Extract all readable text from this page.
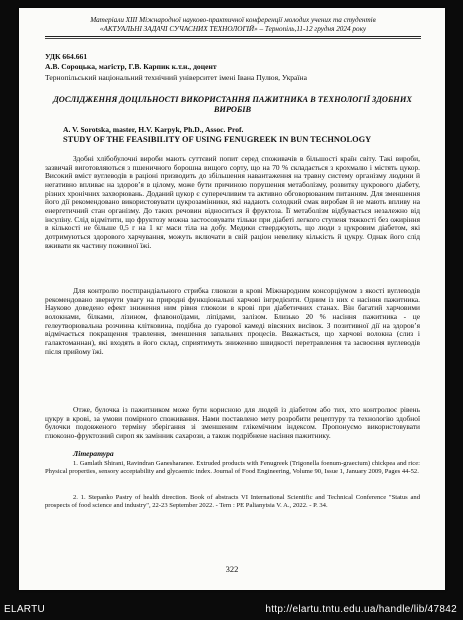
Матеріали XIII Міжнародної науково-практичної конференції молодих учених та студентів
«АКТУАЛЬНІ ЗАДАЧІ СУЧАСНИХ ТЕХНОЛОГІЙ» – Тернопіль,11-12 грудня 2024 року
УДК 664.661
А.В. Сороцька, магістр, Г.В. Карпик к.т.н., доцент
Тернопільський національний технічний університет імені Івана Пулюя, Україна
ДОСЛІДЖЕННЯ ДОЦІЛЬНОСТІ ВИКОРИСТАННЯ ПАЖИТНИКА В ТЕХНОЛОГІЇ ЗДОБНИХ ВИРОБІВ
A. V. Sorotska, master, H.V. Karpyk, Ph.D., Assoc. Prof.
STUDY OF THE FEASIBILITY OF USING FENUGREEK IN BUN TECHNOLOGY

Здобні хлібобулочні вироби мають суттєвий попит серед споживачів в більшості країн світу. Такі вироби, зазвичай виготовляються з пшеничного борошна вищого сорту, що на 70 % складається з крохмалю і містять цукор. Високий вміст вуглеводів в раціоні призводить до збільшення навантаження на травну систему організму людини й негативно впливає на здоров’я в цілому, може бути причиною порушення метаболізму, розвитку цукрового діабету, різних хронічних захворювань. Доданий цукор є суперечливим та активно обговорюваним питанням. Для зменшення його дії рекомендовано використовувати цукрозамінники, які надають солодкий смак виробам й не мають впливу на енергетичний стан організму. До таких речовин відноситься й фруктоза. Її метаболізм відбувається незалежно від інсуліну. Слід відмітити, що фруктозу можна застосовувати тільки при діабеті легкого ступеня тяжкості без ожиріння в кількості не більше 0,5 г на 1 кг маси тіла на добу. Медики стверджують, що люди з цукровим діабетом, які дотримуються здорового харчування, можуть включати в свій раціон невелику кількість й цукру. Однак його слід вживати як частину поживної їжі.

Для контролю постпрандіального стрибка глюкози в крові Міжнародним консорціумом з якості вуглеводів рекомендовано звернути увагу на природні функціональні харчові інгредієнти. Одним із них є насіння пажитника. Науково доведено ефект зниження ним рівня глюкози в крові при діабетичних станах. Він багатий харчовими волокнами, білками, лізином, флавоноїдами, ліпідами, залізом. Близько 20 % насіння пажитника - це гелеутворювальна розчинна клітковина, подібна до гуарової камеді вівсяних висівок. З позитивної дії на здоров’я відмічається покращення травлення, зменшення запальних процесів. Вважається, що харчові волокна (слиз і галактоманнан), які входять в його склад, сприятимуть зниженню швидкості перетравлення та засвоєння вуглеводів після прийому їжі.

Отже, булочка із пажитником може бути корисною для людей із діабетом або тих, хто контролює рівень цукру в крові, за умови помірного споживання. Нами поставлено мету розробити рецептуру та технологію здобної булочки подовженого терміну зберігання зі зменшеним глікемічним індексом. Пропонуємо використовувати глюкозно-фруктозний сироп як замінник сахарози, а також подрібнене насіння пажитнику.

Література

1. Gamlath Shirani, Ravindran Ganesharanee. Extruded products with Fenugreek (Trigonella foenum-graecium) chickpea and rice: Physical properties, sensory acceptability and glycaemic index. Journal of Food Engineering, Volume 90, Issue 1, January 2009, Pages 44-52.

2. 1. Stepanko Pastry of health direction. Book of abstracts VI International Scientific and Technical Conference "Status and prospects of food science and industry", 22-23 September 2022. - Tern : PE Palianytsia V. A., 2022. - P. 34.

322
ELARTU	http://elartu.tntu.edu.ua/handle/lib/47842
